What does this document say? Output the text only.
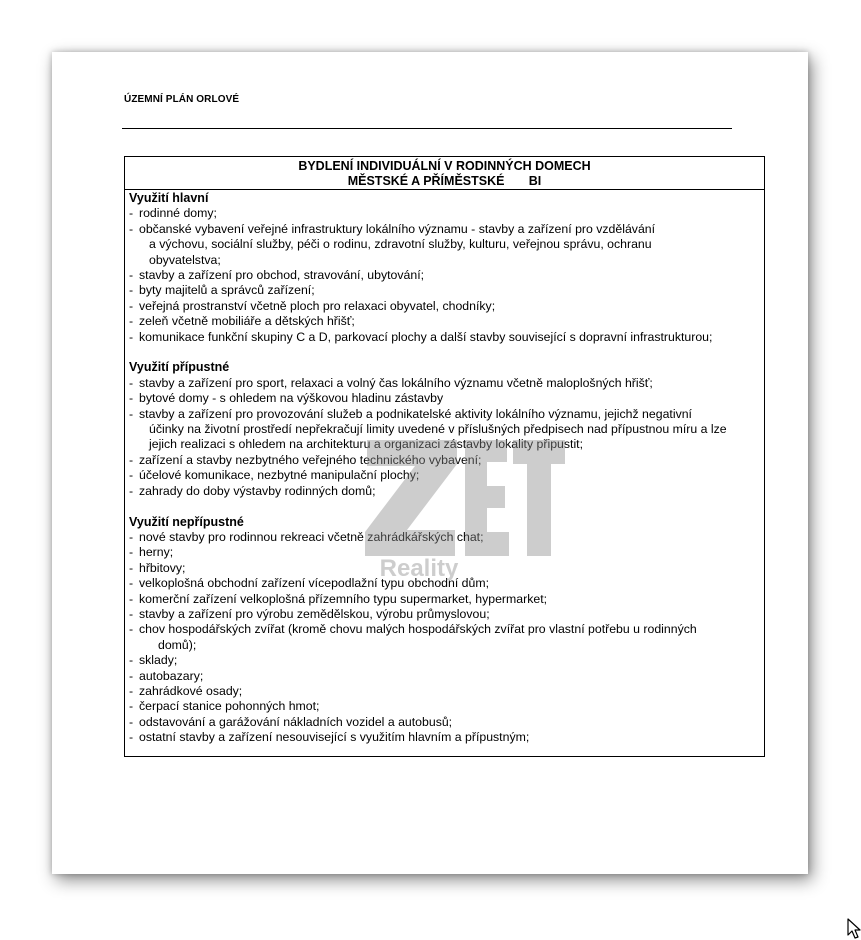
ÚZEMNÍ PLÁN ORLOVÉ
BYDLENÍ INDIVIDUÁLNÍ V RODINNÝCH DOMECH
MĚSTSKÉ A PŘÍMĚSTSKÉ       BI
Využití hlavní
- rodinné domy;
- občanské vybavení veřejné infrastruktury lokálního významu - stavby a zařízení pro vzdělávání
a výchovu, sociální služby, péči o rodinu, zdravotní služby, kulturu, veřejnou správu, ochranu
obyvatelstva;
- stavby a zařízení pro obchod, stravování, ubytování;
- byty majitelů a správců zařízení;
- veřejná prostranství včetně ploch pro relaxaci obyvatel, chodníky;
- zeleň včetně mobiliáře a dětských hřišť;
- komunikace funkční skupiny C a D, parkovací plochy a další stavby související s dopravní infrastrukturou;
Využití přípustné
- stavby a zařízení pro sport, relaxaci a volný čas lokálního významu včetně maloplošných hřišť;
- bytové domy - s ohledem na výškovou hladinu zástavby
- stavby a zařízení pro provozování služeb a podnikatelské aktivity lokálního významu, jejichž negativní
účinky na životní prostředí nepřekračují limity uvedené v příslušných předpisech nad přípustnou míru a lze
jejich realizaci s ohledem na architekturu a organizaci zástavby lokality připustit;
- zařízení a stavby nezbytného veřejného technického vybavení;
- účelové komunikace, nezbytné manipulační plochy;
- zahrady do doby výstavby rodinných domů;
Využití nepřípustné
- nové stavby pro rodinnou rekreaci včetně zahrádkářských chat;
- herny;
- hřbitovy;
- velkoplošná obchodní zařízení vícepodlažní typu obchodní dům;
- komerční zařízení velkoplošná přízemního typu supermarket, hypermarket;
- stavby a zařízení pro výrobu zemědělskou, výrobu průmyslovou;
- chov hospodářských zvířat (kromě chovu malých hospodářských zvířat pro vlastní potřebu u rodinných
domů);
- sklady;
- autobazary;
- zahrádkové osady;
- čerpací stanice pohonných hmot;
- odstavování a garážování nákladních vozidel a autobusů;
- ostatní stavby a zařízení nesouvisející s využitím hlavním a přípustným;
Reality
